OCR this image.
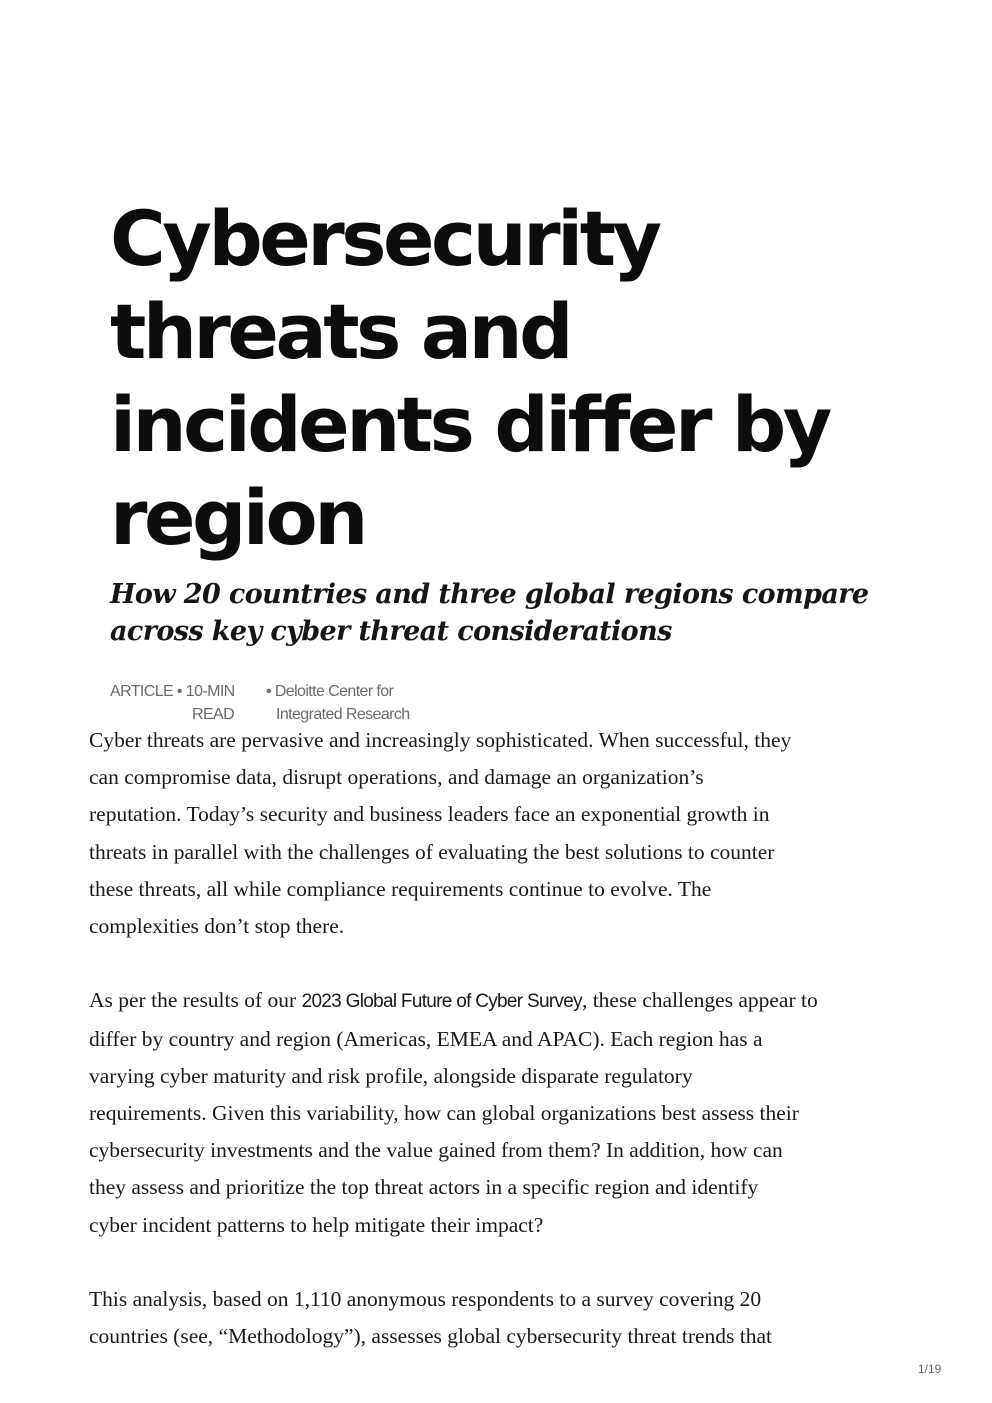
Cybersecurity
threats and
incidents differ by
region
How 20 countries and three global regions compare
across key cyber threat considerations
ARTICLE • 10-MIN
READ
• Deloitte Center for
Integrated Research

Cyber threats are pervasive and increasingly sophisticated. When successful, they
can compromise data, disrupt operations, and damage an organization’s
reputation. Today’s security and business leaders face an exponential growth in
threats in parallel with the challenges of evaluating the best solutions to counter
these threats, all while compliance requirements continue to evolve. The
complexities don’t stop there.

As per the results of our 2023 Global Future of Cyber Survey, these challenges appear to
differ by country and region (Americas, EMEA and APAC). Each region has a
varying cyber maturity and risk profile, alongside disparate regulatory
requirements. Given this variability, how can global organizations best assess their
cybersecurity investments and the value gained from them? In addition, how can
they assess and prioritize the top threat actors in a specific region and identify
cyber incident patterns to help mitigate their impact?

This analysis, based on 1,110 anonymous respondents to a survey covering 20
countries (see, “Methodology”), assesses global cybersecurity threat trends that

1/19
